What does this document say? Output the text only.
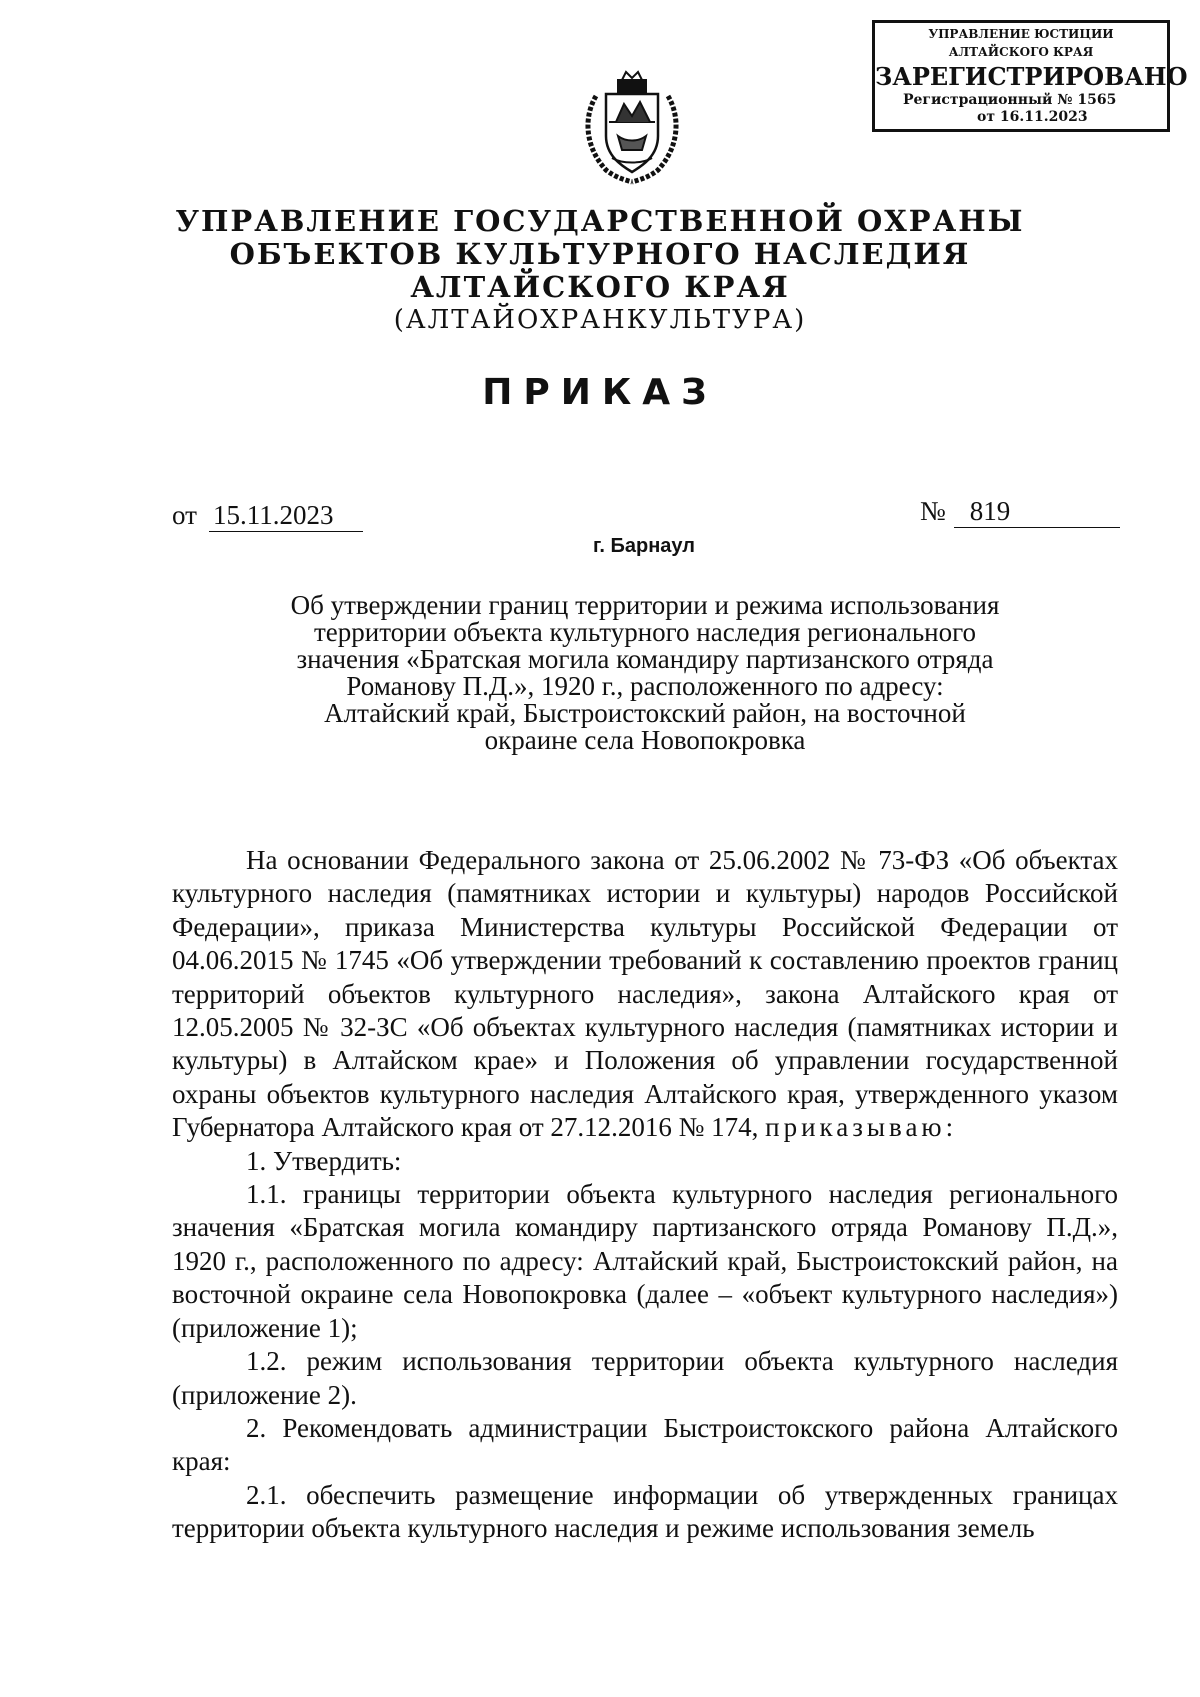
УПРАВЛЕНИЕ ЮСТИЦИИ
АЛТАЙСКОГО КРАЯ
ЗАРЕГИСТРИРОВАНО
Регистрационный № 1565
от 16.11.2023
УПРАВЛЕНИЕ ГОСУДАРСТВЕННОЙ ОХРАНЫ
ОБЪЕКТОВ КУЛЬТУРНОГО НАСЛЕДИЯ
АЛТАЙСКОГО КРАЯ
(АЛТАЙОХРАНКУЛЬТУРА)
ПРИКАЗ
от 15.11.2023	№ 819
г. Барнаул
Об утверждении границ территории и режима использования
территории объекта культурного наследия регионального
значения «Братская могила командиру партизанского отряда
Романову П.Д.», 1920 г., расположенного по адресу:
Алтайский край, Быстроистокский район, на восточной
окраине села Новопокровка

На основании Федерального закона от 25.06.2002 № 73-ФЗ «Об объектах культурного наследия (памятниках истории и культуры) народов Российской Федерации», приказа Министерства культуры Российской Федерации от 04.06.2015 № 1745 «Об утверждении требований к составлению проектов границ территорий объектов культурного наследия», закона Алтайского края от 12.05.2005 № 32-ЗС «Об объектах культурного наследия (памятниках истории и культуры) в Алтайском крае» и Положения об управлении государственной охраны объектов культурного наследия Алтайского края, утвержденного указом Губернатора Алтайского края от 27.12.2016 № 174, приказываю:

1. Утвердить:

1.1. границы территории объекта культурного наследия регионального значения «Братская могила командиру партизанского отряда Романову П.Д.», 1920 г., расположенного по адресу: Алтайский край, Быстроистокский район, на восточной окраине села Новопокровка (далее – «объект культурного наследия») (приложение 1);

1.2. режим использования территории объекта культурного наследия (приложение 2).

2. Рекомендовать администрации Быстроистокского района Алтайского края:

2.1. обеспечить размещение информации об утвержденных границах территории объекта культурного наследия и режиме использования земель
